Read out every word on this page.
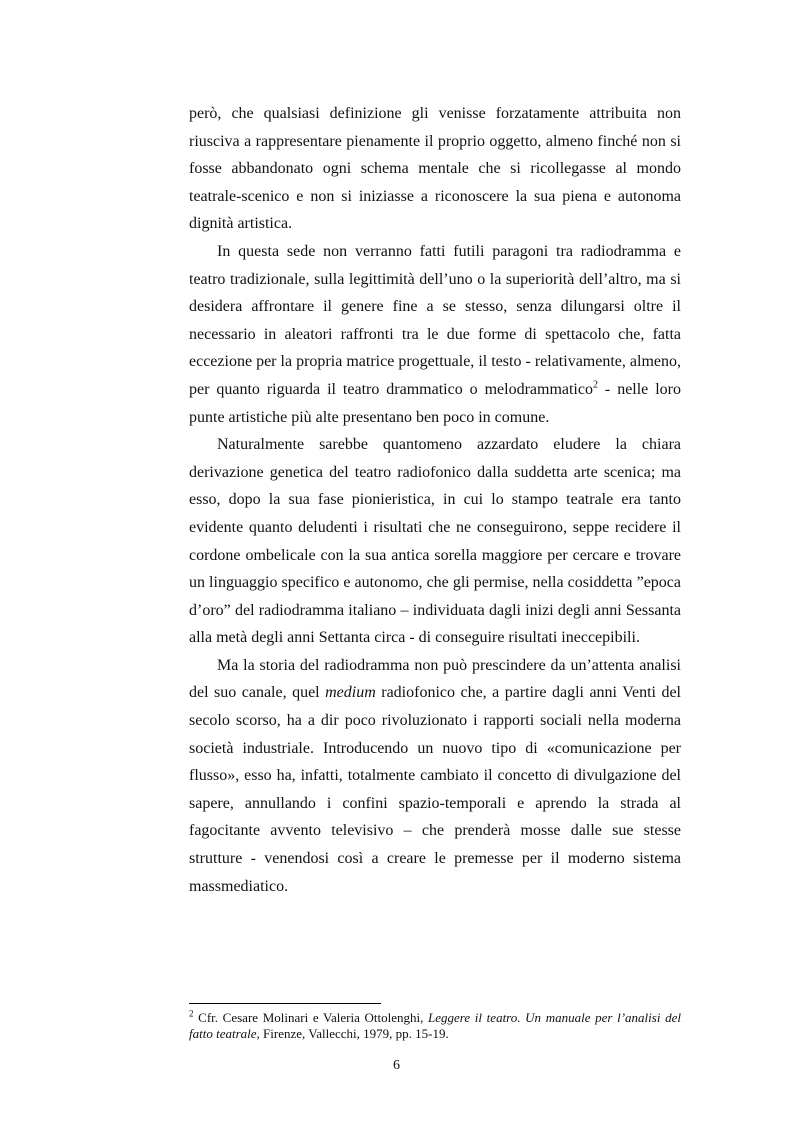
però, che qualsiasi definizione gli venisse forzatamente attribuita non riusciva a rappresentare pienamente il proprio oggetto, almeno finché non si fosse abbandonato ogni schema mentale che si ricollegasse al mondo teatrale-scenico e non si iniziasse a riconoscere la sua piena e autonoma dignità artistica.

In questa sede non verranno fatti futili paragoni tra radiodramma e teatro tradizionale, sulla legittimità dell’uno o la superiorità dell’altro, ma si desidera affrontare il genere fine a se stesso, senza dilungarsi oltre il necessario in aleatori raffronti tra le due forme di spettacolo che, fatta eccezione per la propria matrice progettuale, il testo - relativamente, almeno, per quanto riguarda il teatro drammatico o melodrammatico$^2$ - nelle loro punte artistiche più alte presentano ben poco in comune.

Naturalmente sarebbe quantomeno azzardato eludere la chiara derivazione genetica del teatro radiofonico dalla suddetta arte scenica; ma esso, dopo la sua fase pionieristica, in cui lo stampo teatrale era tanto evidente quanto deludenti i risultati che ne conseguirono, seppe recidere il cordone ombelicale con la sua antica sorella maggiore per cercare e trovare un linguaggio specifico e autonomo, che gli permise, nella cosiddetta ”epoca d’oro” del radiodramma italiano – individuata dagli inizi degli anni Sessanta alla metà degli anni Settanta circa - di conseguire risultati ineccepibili.

Ma la storia del radiodramma non può prescindere da un’attenta analisi del suo canale, quel medium radiofonico che, a partire dagli anni Venti del secolo scorso, ha a dir poco rivoluzionato i rapporti sociali nella moderna società industriale. Introducendo un nuovo tipo di «comunicazione per flusso», esso ha, infatti, totalmente cambiato il concetto di divulgazione del sapere, annullando i confini spazio-temporali e aprendo la strada al fagocitante avvento televisivo – che prenderà mosse dalle sue stesse strutture - venendosi così a creare le premesse per il moderno sistema massmediatico.

$^2$ Cfr. Cesare Molinari e Valeria Ottolenghi, Leggere il teatro. Un manuale per l’analisi del fatto teatrale, Firenze, Vallecchi, 1979, pp. 15-19.
6
